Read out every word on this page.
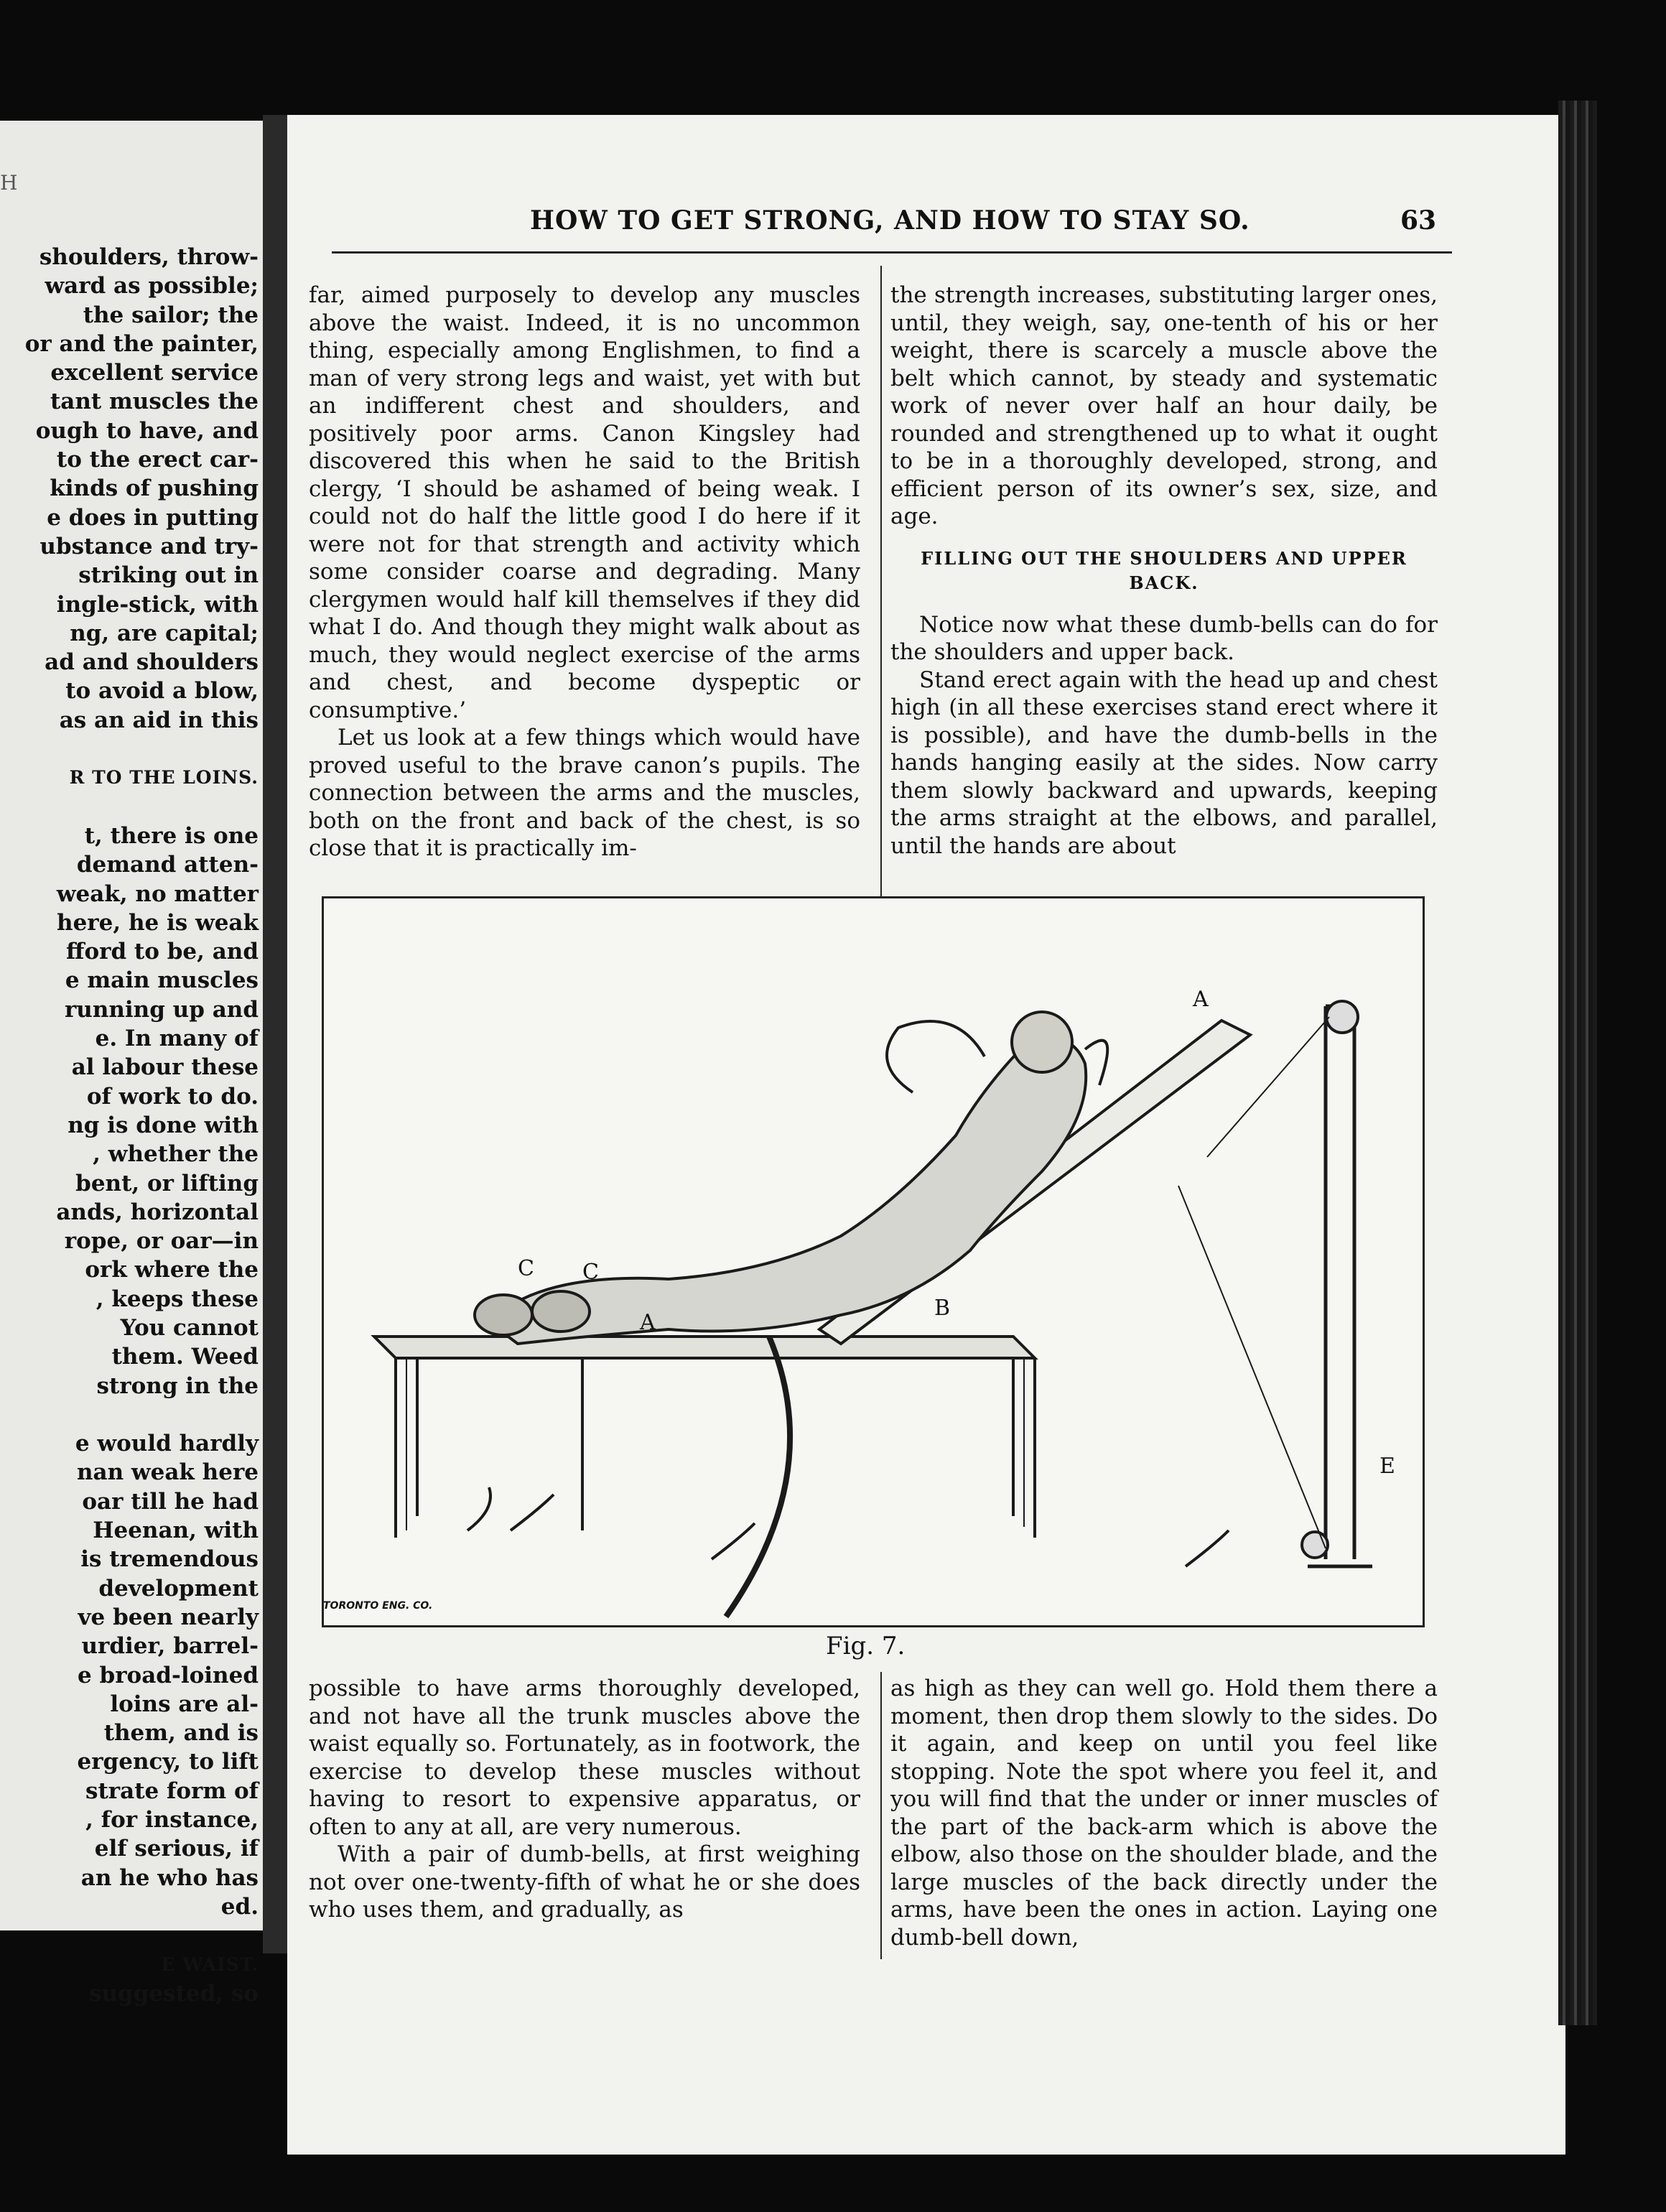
H
shoulders, throw-
ward as possible;
the sailor; the
or and the painter,
excellent service
tant muscles the
ough to have, and
to the erect car-
kinds of pushing
e does in putting
ubstance and try-
striking out in
ingle-stick, with
ng, are capital;
ad and shoulders
to avoid a blow,
as an aid in this
R TO THE LOINS.
t, there is one
demand atten-
weak, no matter
here, he is weak
fford to be, and
e main muscles
running up and
e. In many of
al labour these
of work to do.
ng is done with
, whether the
bent, or lifting
ands, horizontal
rope, or oar—in
ork where the
, keeps these
You cannot
them. Weed
strong in the
e would hardly
nan weak here
oar till he had
Heenan, with
is tremendous
development
ve been nearly
urdier, barrel-
e broad-loined
loins are al-
them, and is
ergency, to lift
strate form of
, for instance,
elf serious, if
an he who has
ed.
E WAIST.
suggested, so
HOW TO GET STRONG, AND HOW TO STAY SO.	63

far, aimed purposely to develop any muscles above the waist. Indeed, it is no uncommon thing, especially among Englishmen, to find a man of very strong legs and waist, yet with but an indifferent chest and shoulders, and positively poor arms. Canon Kingsley had discovered this when he said to the British clergy, ‘I should be ashamed of being weak. I could not do half the little good I do here if it were not for that strength and activity which some consider coarse and degrading. Many clergymen would half kill themselves if they did what I do. And though they might walk about as much, they would neglect exercise of the arms and chest, and become dyspeptic or consumptive.’

Let us look at a few things which would have proved useful to the brave canon’s pupils. The connection between the arms and the muscles, both on the front and back of the chest, is so close that it is practically im-

the strength increases, substituting larger ones, until, they weigh, say, one-tenth of his or her weight, there is scarcely a muscle above the belt which cannot, by steady and systematic work of never over half an hour daily, be rounded and strengthened up to what it ought to be in a thoroughly developed, strong, and efficient person of its owner’s sex, size, and age.

FILLING OUT THE SHOULDERS AND UPPER BACK.

Notice now what these dumb-bells can do for the shoulders and upper back.

Stand erect again with the head up and chest high (in all these exercises stand erect where it is possible), and have the dumb-bells in the hands hanging easily at the sides. Now carry them slowly backward and upwards, keeping the arms straight at the elbows, and parallel, until the hands are about

A
A
B
C C
E
TORONTO ENG. CO.
Fig. 7.

possible to have arms thoroughly developed, and not have all the trunk muscles above the waist equally so. Fortunately, as in footwork, the exercise to develop these muscles without having to resort to expensive apparatus, or often to any at all, are very numerous.

With a pair of dumb-bells, at first weighing not over one-twenty-fifth of what he or she does who uses them, and gradually, as

as high as they can well go. Hold them there a moment, then drop them slowly to the sides. Do it again, and keep on until you feel like stopping. Note the spot where you feel it, and you will find that the under or inner muscles of the part of the back-arm which is above the elbow, also those on the shoulder blade, and the large muscles of the back directly under the arms, have been the ones in action. Laying one dumb-bell down,
